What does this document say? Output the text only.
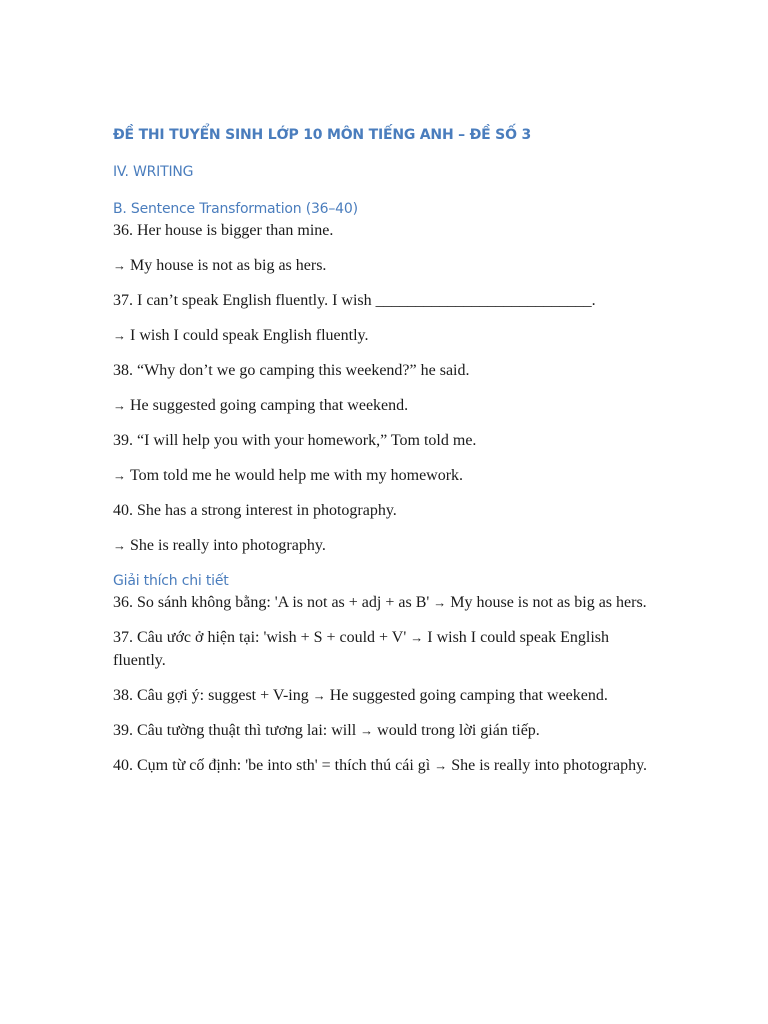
ĐỀ THI TUYỂN SINH LỚP 10 MÔN TIẾNG ANH – ĐỀ SỐ 3
IV. WRITING
B. Sentence Transformation (36–40)

36. Her house is bigger than mine.

→ My house is not as big as hers.

37. I can’t speak English fluently. I wish ___________________________.

→ I wish I could speak English fluently.

38. “Why don’t we go camping this weekend?” he said.

→ He suggested going camping that weekend.

39. “I will help you with your homework,” Tom told me.

→ Tom told me he would help me with my homework.

40. She has a strong interest in photography.

→ She is really into photography.

Giải thích chi tiết

36. So sánh không bằng: 'A is not as + adj + as B' → My house is not as big as hers.

37. Câu ước ở hiện tại: 'wish + S + could + V' → I wish I could speak English fluently.

38. Câu gợi ý: suggest + V-ing → He suggested going camping that weekend.

39. Câu tường thuật thì tương lai: will → would trong lời gián tiếp.

40. Cụm từ cố định: 'be into sth' = thích thú cái gì → She is really into photography.
